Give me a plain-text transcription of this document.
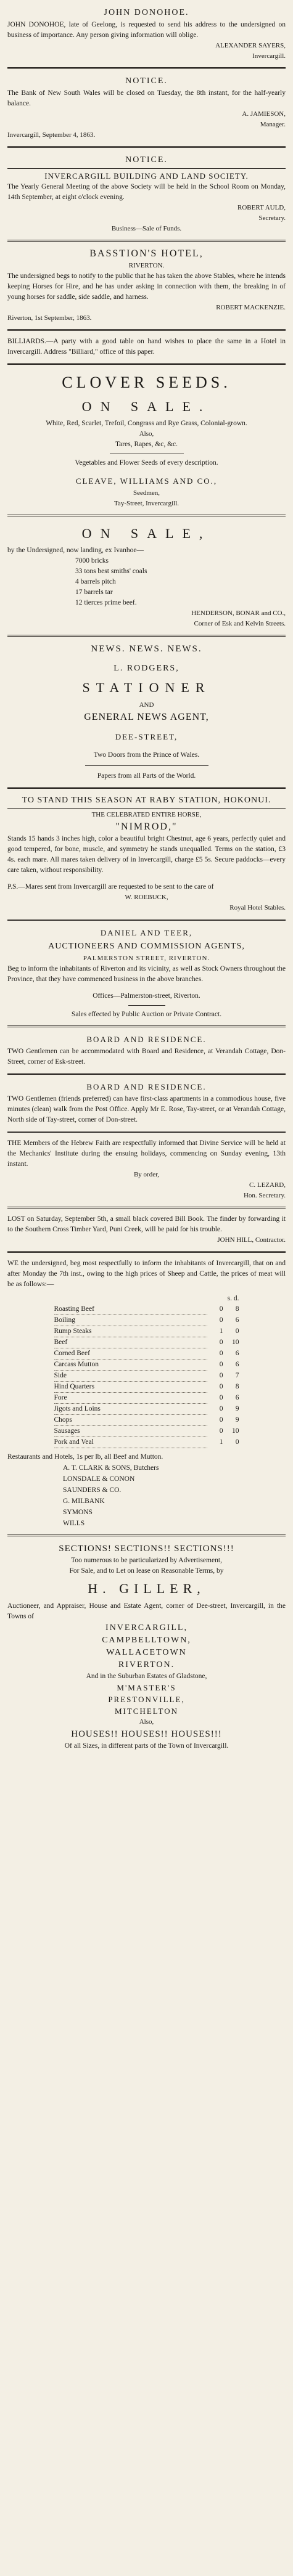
JOHN DONOHOE.

JOHN DONOHOE, late of Geelong, is requested to send his address to the undersigned on business of importance. Any person giving information will oblige.

ALEXANDER SAYERS,

Invercargill.

NOTICE.

The Bank of New South Wales will be closed on Tuesday, the 8th instant, for the half-yearly balance.

A. JAMIESON,

Manager.

Invercargill, September 4, 1863.

NOTICE.

INVERCARGILL BUILDING AND LAND SOCIETY.

The Yearly General Meeting of the above Society will be held in the School Room on Monday, 14th September, at eight o'clock evening.

ROBERT AULD,

Secretary.

Business—Sale of Funds.

BASSTION'S HOTEL,

RIVERTON.

The undersigned begs to notify to the public that he has taken the above Stables, where he intends keeping Horses for Hire, and he has under asking in connection with them, the breaking in of young horses for saddle, side saddle, and harness.

ROBERT MACKENZIE.

Riverton, 1st September, 1863.

BILLIARDS.—A party with a good table on hand wishes to place the same in a Hotel in Invercargill. Address "Billiard," office of this paper.

CLOVER SEEDS.

ON SALE.

White, Red, Scarlet, Trefoil, Congrass and Rye Grass, Colonial-grown.

Also,

Tares, Rapes, &c, &c.

Vegetables and Flower Seeds of every description.

CLEAVE, WILLIAMS AND CO.,

Seedmen,

Tay-Street, Invercargill.

ON SALE,

by the Undersigned, now landing, ex Ivanhoe—

7000 bricks

33 tons best smiths' coals

4 barrels pitch

17 barrels tar

12 tierces prime beef.

HENDERSON, BONAR and CO.,

Corner of Esk and Kelvin Streets.

NEWS. NEWS. NEWS.

L. RODGERS,

STATIONER

AND

GENERAL NEWS AGENT,

DEE-STREET,

Two Doors from the Prince of Wales.

Papers from all Parts of the World.

TO STAND THIS SEASON AT RABY STATION, HOKONUI.

THE CELEBRATED ENTIRE HORSE,

"NIMROD,"

Stands 15 hands 3 inches high, color a beautiful bright Chestnut, age 6 years, perfectly quiet and good tempered, for bone, muscle, and symmetry he stands unequalled. Terms on the station, £3 4s. each mare. All mares taken delivery of in Invercargill, charge £5 5s. Secure paddocks—every care taken, without responsibility.

P.S.—Mares sent from Invercargill are requested to be sent to the care of

W. ROEBUCK,

Royal Hotel Stables.

DANIEL AND TEER,

AUCTIONEERS AND COMMISSION AGENTS,

PALMERSTON STREET, RIVERTON.

Beg to inform the inhabitants of Riverton and its vicinity, as well as Stock Owners throughout the Province, that they have commenced business in the above branches.

Offices—Palmerston-street, Riverton.

Sales effected by Public Auction or Private Contract.

BOARD AND RESIDENCE.

TWO Gentlemen can be accommodated with Board and Residence, at Verandah Cottage, Don-Street, corner of Esk-street.

BOARD AND RESIDENCE.

TWO Gentlemen (friends preferred) can have first-class apartments in a commodious house, five minutes (clean) walk from the Post Office. Apply Mr E. Rose, Tay-street, or at Verandah Cottage, North side of Tay-street, corner of Don-street.

THE Members of the Hebrew Faith are respectfully informed that Divine Service will be held at the Mechanics' Institute during the ensuing holidays, commencing on Sunday evening, 13th instant.

By order,

C. LEZARD,

Hon. Secretary.

LOST on Saturday, September 5th, a small black covered Bill Book. The finder by forwarding it to the Southern Cross Timber Yard, Puni Creek, will be paid for his trouble.

JOHN HILL, Contractor.

WE the undersigned, beg most respectfully to inform the inhabitants of Invercargill, that on and after Monday the 7th inst., owing to the high prices of Sheep and Cattle, the prices of meat will be as follows:—

	s. d.	
Roasting Beef	0	8
Boiling	0	6
Rump Steaks	1	0
Beef	0	10
Corned Beef	0	6
Carcass Mutton	0	6
Side	0	7
Hind Quarters	0	8
Fore	0	6
Jigots and Loins	0	9
Chops	0	9
Sausages	0	10
Pork and Veal	1	0

Restaurants and Hotels, 1s per lb, all Beef and Mutton.

A. T. CLARK & SONS, Butchers

LONSDALE & CONON

SAUNDERS & CO.

G. MILBANK

SYMONS

WILLS

SECTIONS! SECTIONS!! SECTIONS!!!

Too numerous to be particularized by Advertisement,

For Sale, and to Let on lease on Reasonable Terms, by

H. GILLER,

Auctioneer, and Appraiser, House and Estate Agent, corner of Dee-street, Invercargill, in the Towns of

INVERCARGILL,

CAMPBELLTOWN,

WALLACETOWN

RIVERTON.

And in the Suburban Estates of Gladstone,

M'MASTER'S

PRESTONVILLE,

MITCHELTON

Also,

HOUSES!! HOUSES!! HOUSES!!!

Of all Sizes, in different parts of the Town of Invercargill.
